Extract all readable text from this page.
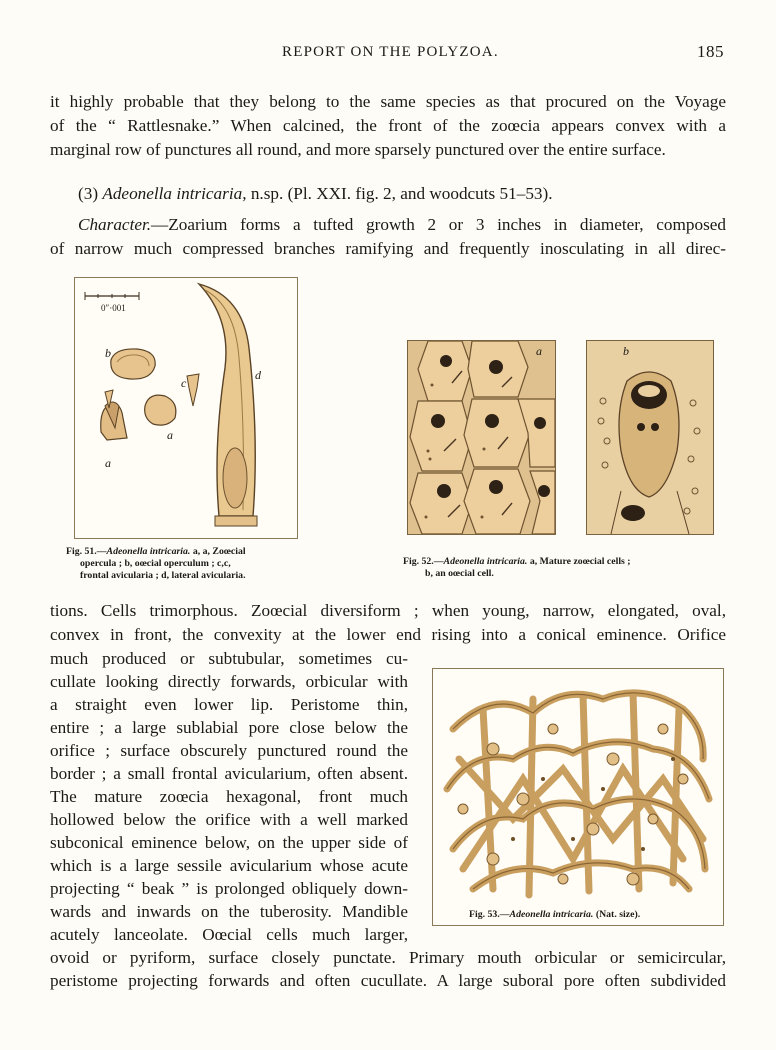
REPORT ON THE POLYZOA.	185
it highly probable that they belong to the same species as that procured on the Voyage
of the “ Rattlesnake.” When calcined, the front of the zoœcia appears convex with a
marginal row of punctures all round, and more sparsely punctured over the entire surface.
(3) Adeonella intricaria, n.sp. (Pl. XXI. fig. 2, and woodcuts 51–53).
Character.—Zoarium forms a tufted growth 2 or 3 inches in diameter, composed
of narrow much compressed branches ramifying and frequently inosculating in all direc-
0″·001
b
c
d
a
a
Fig. 51.—Adeonella intricaria. a, a, Zoœcial
opercula ; b, oœcial operculum ; c,c,
frontal avicularia ; d, lateral avicularia.
a	b
Fig. 52.—Adeonella intricaria. a, Mature zoœcial cells ;
b, an oœcial cell.
tions. Cells trimorphous. Zoœcial diversiform ; when young, narrow, elongated, oval,
convex in front, the convexity at the lower end rising into a conical eminence. Orifice
much produced or subtubular, sometimes cu-
cullate looking directly forwards, orbicular with
a straight even lower lip. Peristome thin,
entire ; a large sublabial pore close below the
orifice ; surface obscurely punctured round the
border ; a small frontal avicularium, often absent.
The mature zoœcia hexagonal, front much
hollowed below the orifice with a well marked
subconical eminence below, on the upper side of
which is a large sessile avicularium whose acute
projecting “ beak ” is prolonged obliquely down-
wards and inwards on the tuberosity. Mandible
acutely lanceolate. Oœcial cells much larger,
Fig. 53.—Adeonella intricaria. (Nat. size).
ovoid or pyriform, surface closely punctate. Primary mouth orbicular or semicircular,
peristome projecting forwards and often cucullate. A large suboral pore often subdivided
